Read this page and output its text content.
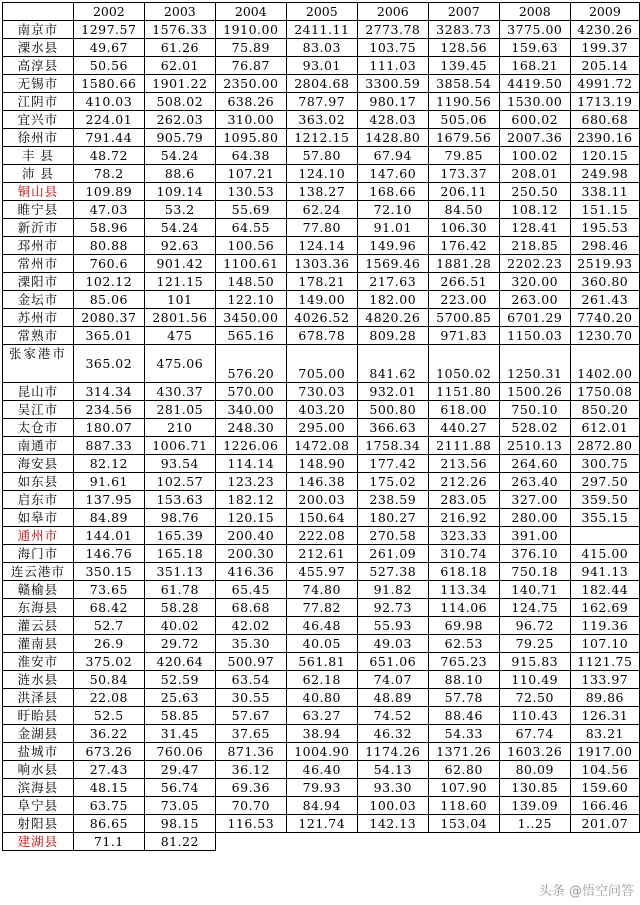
	2002	2003	2004	2005	2006	2007	2008	2009
南京市	1297.57	1576.33	1910.00	2411.11	2773.78	3283.73	3775.00	4230.26
溧水县	49.67	61.26	75.89	83.03	103.75	128.56	159.63	199.37
高淳县	50.56	62.01	76.87	93.01	111.03	139.45	168.21	205.14
无锡市	1580.66	1901.22	2350.00	2804.68	3300.59	3858.54	4419.50	4991.72
江阴市	410.03	508.02	638.26	787.97	980.17	1190.56	1530.00	1713.19
宜兴市	224.01	262.03	310.00	363.02	428.03	505.06	600.02	680.68
徐州市	791.44	905.79	1095.80	1212.15	1428.80	1679.56	2007.36	2390.16
丰 县	48.72	54.24	64.38	57.80	67.94	79.85	100.02	120.15
沛 县	78.2	88.6	107.21	124.10	147.60	173.37	208.01	249.98
铜山县	109.89	109.14	130.53	138.27	168.66	206.11	250.50	338.11
睢宁县	47.03	53.2	55.69	62.24	72.10	84.50	108.12	151.15
新沂市	58.96	54.24	64.55	77.80	91.01	106.30	128.41	195.53
邳州市	80.88	92.63	100.56	124.14	149.96	176.42	218.85	298.46
常州市	760.6	901.42	1100.61	1303.36	1569.46	1881.28	2202.23	2519.93
溧阳市	102.12	121.15	148.50	178.21	217.63	266.51	320.00	360.80
金坛市	85.06	101	122.10	149.00	182.00	223.00	263.00	261.43
苏州市	2080.37	2801.56	3450.00	4026.52	4820.26	5700.85	6701.29	7740.20
常熟市	365.01	475	565.16	678.78	809.28	971.83	1150.03	1230.70
张家港市	365.02	475.06	576.20	705.00	841.62	1050.02	1250.31	1402.00
昆山市	314.34	430.37	570.00	730.03	932.01	1151.80	1500.26	1750.08
吴江市	234.56	281.05	340.00	403.20	500.80	618.00	750.10	850.20
太仓市	180.07	210	248.30	295.00	366.63	440.27	528.02	612.01
南通市	887.33	1006.71	1226.06	1472.08	1758.34	2111.88	2510.13	2872.80
海安县	82.12	93.54	114.14	148.90	177.42	213.56	264.60	300.75
如东县	91.61	102.57	123.23	146.38	175.02	212.26	263.40	297.50
启东市	137.95	153.63	182.12	200.03	238.59	283.05	327.00	359.50
如皋市	84.89	98.76	120.15	150.64	180.27	216.92	280.00	355.15
通州市	144.01	165.39	200.40	222.08	270.58	323.33	391.00	
海门市	146.76	165.18	200.30	212.61	261.09	310.74	376.10	415.00
连云港市	350.15	351.13	416.36	455.97	527.38	618.18	750.18	941.13
赣榆县	73.65	61.78	65.45	74.80	91.82	113.34	140.71	182.44
东海县	68.42	58.28	68.68	77.82	92.73	114.06	124.75	162.69
灌云县	52.7	40.02	42.02	46.48	55.93	69.98	96.72	119.36
灌南县	26.9	29.72	35.30	40.05	49.03	62.53	79.25	107.10
淮安市	375.02	420.64	500.97	561.81	651.06	765.23	915.83	1121.75
涟水县	50.84	52.59	63.54	62.18	74.07	88.10	110.49	133.97
洪泽县	22.08	25.63	30.55	40.80	48.89	57.78	72.50	89.86
盱眙县	52.5	58.85	57.67	63.27	74.52	88.46	110.43	126.31
金湖县	36.22	31.45	37.65	38.94	46.32	54.33	67.74	83.21
盐城市	673.26	760.06	871.36	1004.90	1174.26	1371.26	1603.26	1917.00
响水县	27.43	29.47	36.12	46.40	54.13	62.80	80.09	104.56
滨海县	48.15	56.74	69.36	79.93	93.30	107.90	130.85	159.60
阜宁县	63.75	73.05	70.70	84.94	100.03	118.60	139.09	166.46
射阳县	86.65	98.15	116.53	121.74	142.13	153.04	1..25	201.07
建湖县	71.1	81.22						
头条 @悟空问答
